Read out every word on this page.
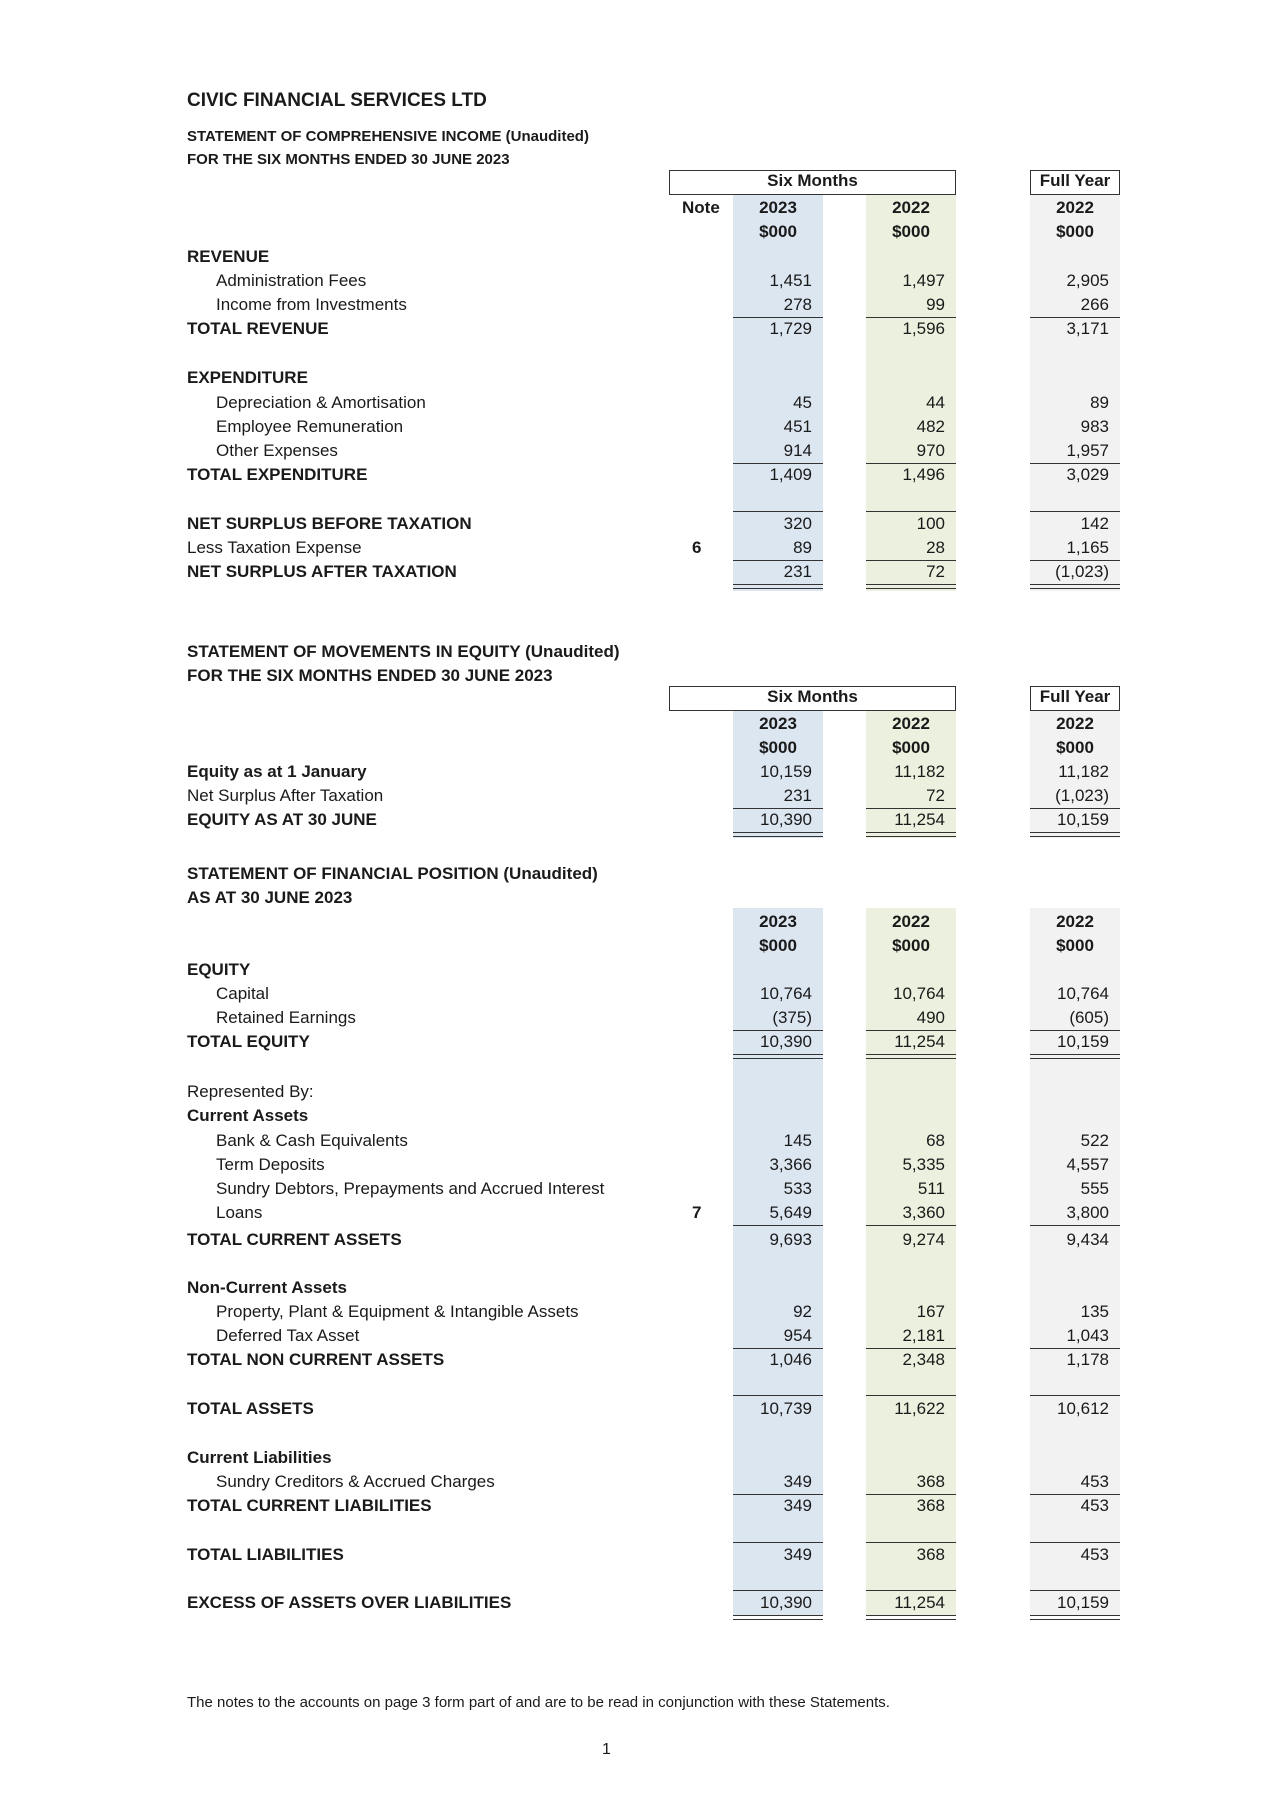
CIVIC FINANCIAL SERVICES LTD
STATEMENT OF COMPREHENSIVE INCOME (Unaudited)
FOR THE SIX MONTHS ENDED 30 JUNE 2023
Six Months	Full Year
Note	2023	2022	2022
$000	$000	$000
REVENUE
Administration Fees	1,451	1,497	2,905
Income from Investments	278	99	266
TOTAL REVENUE	1,729	1,596	3,171
EXPENDITURE
Depreciation & Amortisation	45	44	89
Employee Remuneration	451	482	983
Other Expenses	914	970	1,957
TOTAL EXPENDITURE	1,409	1,496	3,029
NET SURPLUS BEFORE TAXATION	320	100	142
Less Taxation Expense	6	89	28	1,165
NET SURPLUS AFTER TAXATION	231	72	(1,023)
STATEMENT OF MOVEMENTS IN EQUITY (Unaudited)
FOR THE SIX MONTHS ENDED 30 JUNE 2023
Six Months	Full Year
2023	2022	2022
$000	$000	$000
Equity as at 1 January	10,159	11,182	11,182
Net Surplus After Taxation	231	72	(1,023)
EQUITY AS AT 30 JUNE	10,390	11,254	10,159
STATEMENT OF FINANCIAL POSITION (Unaudited)
AS AT 30 JUNE 2023
2023	2022	2022
$000	$000	$000
EQUITY
Capital	10,764	10,764	10,764
Retained Earnings	(375)	490	(605)
TOTAL EQUITY	10,390	11,254	10,159
Represented By:
Current Assets
Bank & Cash Equivalents	145	68	522
Term Deposits	3,366	5,335	4,557
Sundry Debtors, Prepayments and Accrued Interest	533	511	555
Loans	7	5,649	3,360	3,800
TOTAL CURRENT ASSETS	9,693	9,274	9,434
Non-Current Assets
Property, Plant & Equipment & Intangible Assets	92	167	135
Deferred Tax Asset	954	2,181	1,043
TOTAL NON CURRENT ASSETS	1,046	2,348	1,178
TOTAL ASSETS	10,739	11,622	10,612
Current Liabilities
Sundry Creditors & Accrued Charges	349	368	453
TOTAL CURRENT LIABILITIES	349	368	453
TOTAL LIABILITIES	349	368	453
EXCESS OF ASSETS OVER LIABILITIES	10,390	11,254	10,159
The notes to the accounts on page 3 form part of and are to be read in conjunction with these Statements.
1
